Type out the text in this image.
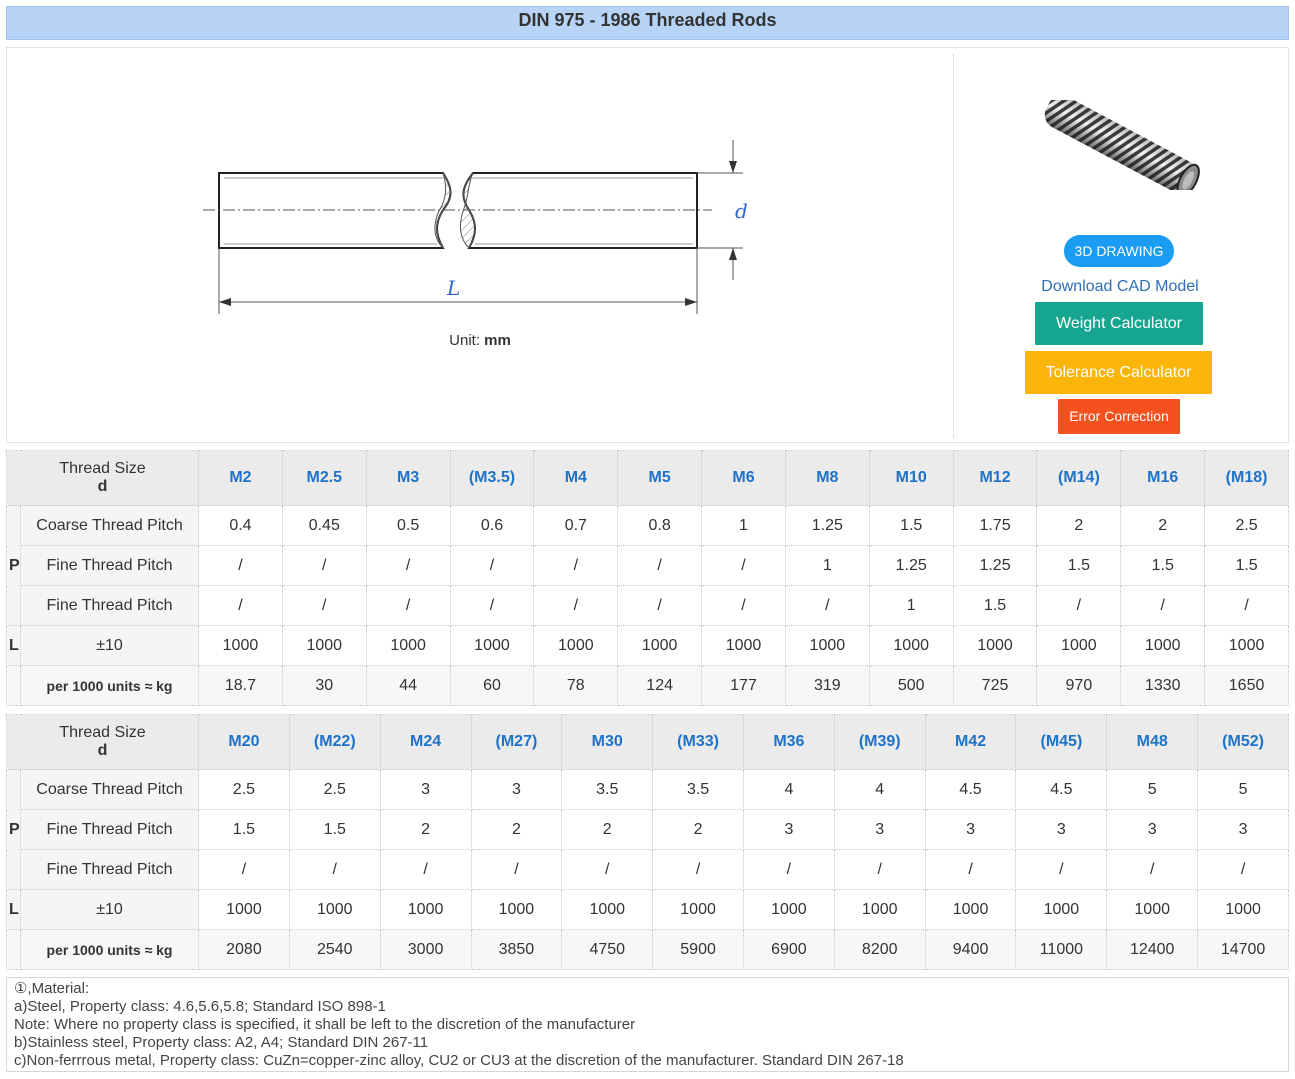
DIN 975 - 1986 Threaded Rods
d
L
Unit: mm
3D DRAWING
Download CAD Model
Weight Calculator
Tolerance Calculator
Error Correction
Thread Size
d		M2	M2.5	M3	(M3.5)	M4	M5	M6	M8	M10	M12	(M14)	M16	(M18)
P	Coarse Thread Pitch	0.4	0.45	0.5	0.6	0.7	0.8	1	1.25	1.5	1.75	2	2	2.5
	Fine Thread Pitch	/	/	/	/	/	/	/	1	1.25	1.25	1.5	1.5	1.5
	Fine Thread Pitch	/	/	/	/	/	/	/	/	1	1.5	/	/	/
L	±10	1000	1000	1000	1000	1000	1000	1000	1000	1000	1000	1000	1000	1000
	per 1000 units ≈ kg	18.7	30	44	60	78	124	177	319	500	725	970	1330	1650
Thread Size
d		M20	(M22)	M24	(M27)	M30	(M33)	M36	(M39)	M42	(M45)	M48	(M52)
P	Coarse Thread Pitch	2.5	2.5	3	3	3.5	3.5	4	4	4.5	4.5	5	5
	Fine Thread Pitch	1.5	1.5	2	2	2	2	3	3	3	3	3	3
	Fine Thread Pitch	/	/	/	/	/	/	/	/	/	/	/	/
L	±10	1000	1000	1000	1000	1000	1000	1000	1000	1000	1000	1000	1000
	per 1000 units ≈ kg	2080	2540	3000	3850	4750	5900	6900	8200	9400	11000	12400	14700
①,Material:
a)Steel, Property class: 4.6,5.6,5.8; Standard ISO 898-1
Note: Where no property class is specified, it shall be left to the discretion of the manufacturer
b)Stainless steel, Property class: A2, A4; Standard DIN 267-11
c)Non-ferrrous metal, Property class: CuZn=copper-zinc alloy, CU2 or CU3 at the discretion of the manufacturer. Standard DIN 267-18
